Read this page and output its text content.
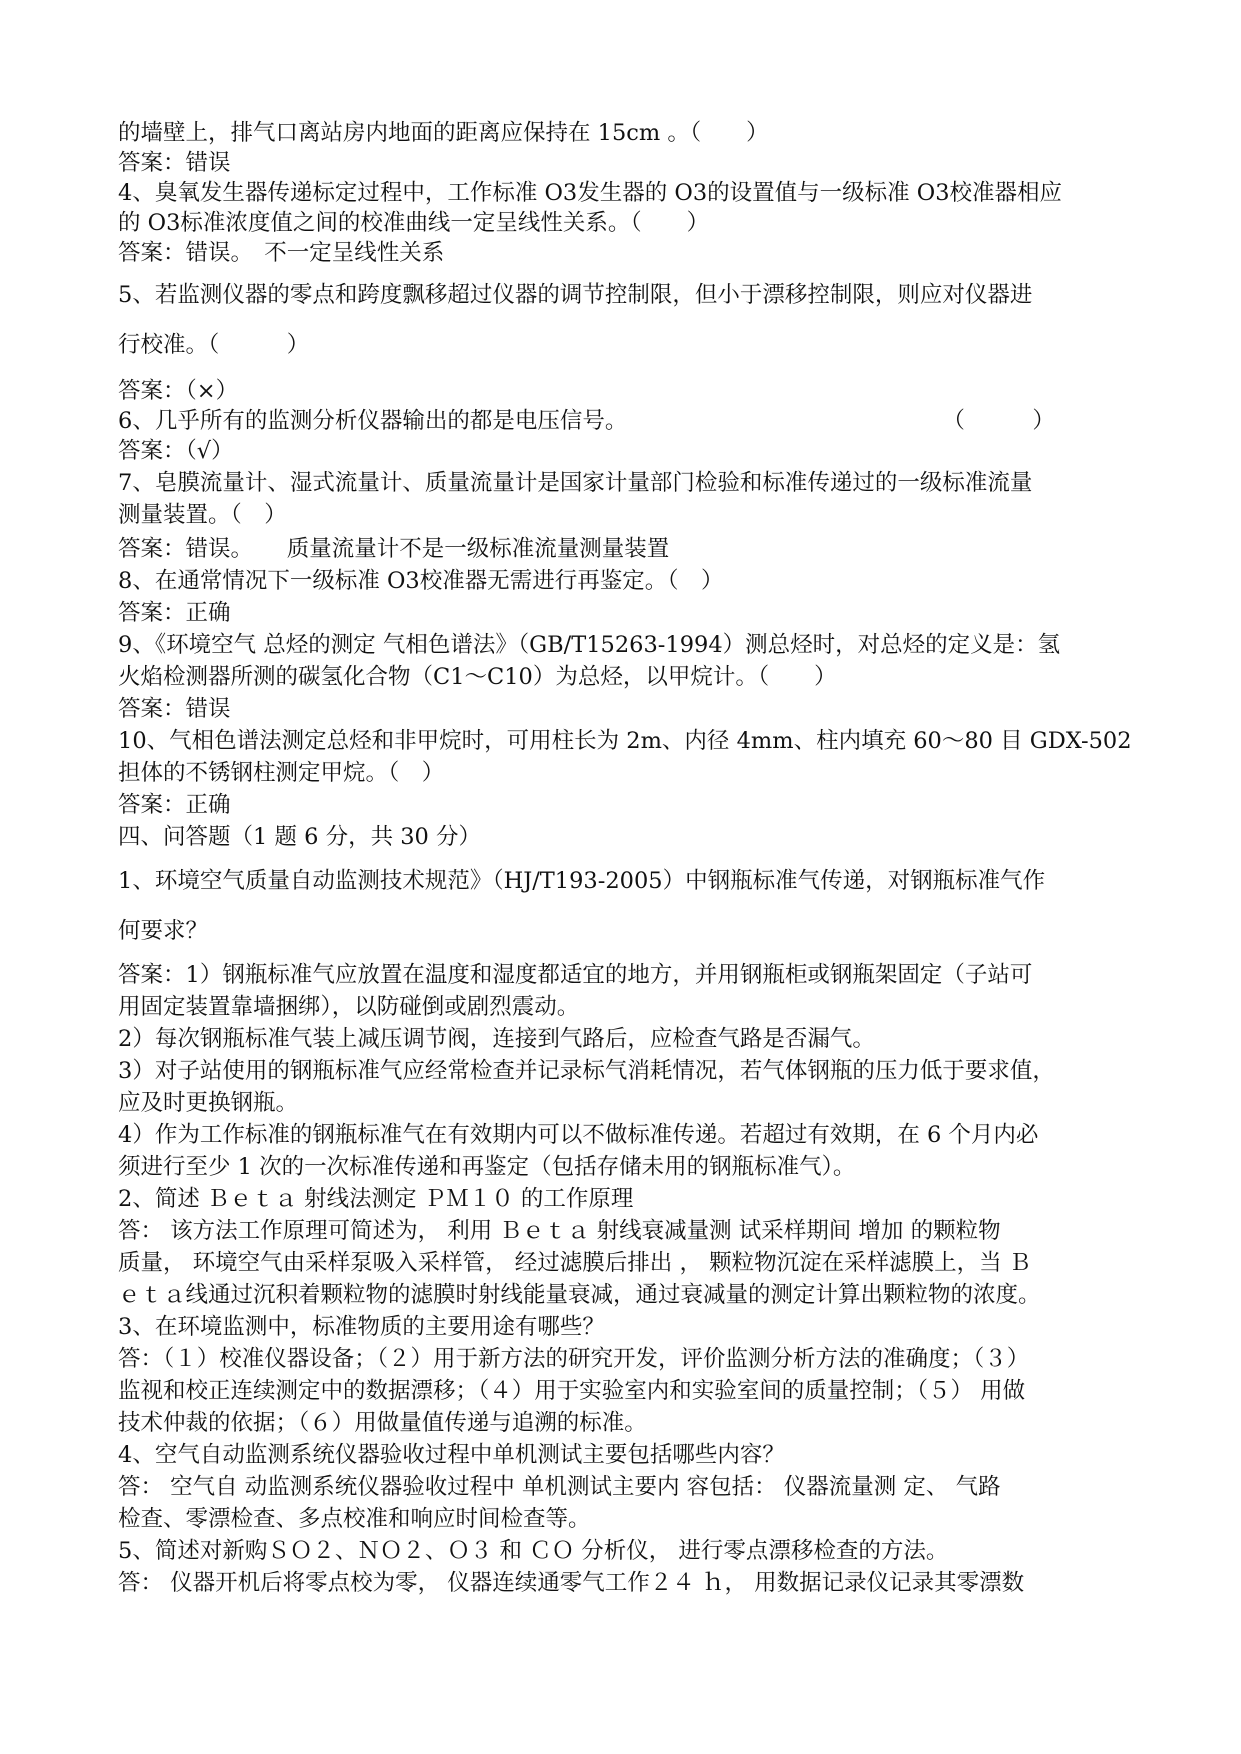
的墙壁上，排气口离站房内地面的距离应保持在 15cm 。（　　）
答案：错误
4、臭氧发生器传递标定过程中，工作标准 O3发生器的 O3的设置值与一级标准 O3校准器相应
的 O3标准浓度值之间的校准曲线一定呈线性关系。（　　）
答案：错误。　不一定呈线性关系
5、若监测仪器的零点和跨度飘移超过仪器的调节控制限，但小于漂移控制限，则应对仪器进
行校准。（　　　）
答案：（×）
6、几乎所有的监测分析仪器输出的都是电压信号。　　　　　　　　　　　　　　　（　　　）
答案：（√）
7、皂膜流量计、湿式流量计、质量流量计是国家计量部门检验和标准传递过的一级标准流量
测量装置。（　）
答案：错误。　　质量流量计不是一级标准流量测量装置
8、在通常情况下一级标准 O3校准器无需进行再鉴定。（　）
答案：正确
9、《环境空气 总烃的测定 气相色谱法》（GB/T15263-1994）测总烃时，对总烃的定义是：氢
火焰检测器所测的碳氢化合物（C1～C10）为总烃，以甲烷计。（　　）
答案：错误
10、气相色谱法测定总烃和非甲烷时，可用柱长为 2m、内径 4mm、柱内填充 60～80 目 GDX-502
担体的不锈钢柱测定甲烷。（　）
答案：正确
四、问答题（1 题 6 分，共 30 分）
1、环境空气质量自动监测技术规范》（HJ/T193-2005）中钢瓶标准气传递，对钢瓶标准气作
何要求？
答案：1）钢瓶标准气应放置在温度和湿度都适宜的地方，并用钢瓶柜或钢瓶架固定（子站可
用固定装置靠墙捆绑），以防碰倒或剧烈震动。
2）每次钢瓶标准气装上减压调节阀，连接到气路后，应检查气路是否漏气。
3）对子站使用的钢瓶标准气应经常检查并记录标气消耗情况，若气体钢瓶的压力低于要求值，
应及时更换钢瓶。
4）作为工作标准的钢瓶标准气在有效期内可以不做标准传递。若超过有效期，在 6 个月内必
须进行至少 1 次的一次标准传递和再鉴定（包括存储未用的钢瓶标准气）。
2、简述 Ｂｅｔａ 射线法测定 ＰＭ１０ 的工作原理
答： 该方法工作原理可简述为， 利用 Ｂｅｔａ 射线衰减量测 试采样期间 增加 的颗粒物
质量， 环境空气由采样泵吸入采样管， 经过滤膜后排出 ， 颗粒物沉淀在采样滤膜上，当 Ｂ
ｅｔａ线通过沉积着颗粒物的滤膜时射线能量衰减，通过衰减量的测定计算出颗粒物的浓度。
3、在环境监测中，标准物质的主要用途有哪些？
答：（１）校准仪器设备；（２）用于新方法的研究开发，评价监测分析方法的准确度；（３）
监视和校正连续测定中的数据漂移；（４）用于实验室内和实验室间的质量控制；（５） 用做
技术仲裁的依据；（６）用做量值传递与追溯的标准。
4、空气自动监测系统仪器验收过程中单机测试主要包括哪些内容？
答： 空气自 动监测系统仪器验收过程中 单机测试主要内 容包括： 仪器流量测 定、 气路
检查、零漂检查、多点校准和响应时间检查等。
5、简述对新购ＳＯ２、ＮＯ２、Ｏ３ 和 ＣＯ 分析仪， 进行零点漂移检查的方法。
答： 仪器开机后将零点校为零， 仪器连续通零气工作２４ ｈ， 用数据记录仪记录其零漂数
